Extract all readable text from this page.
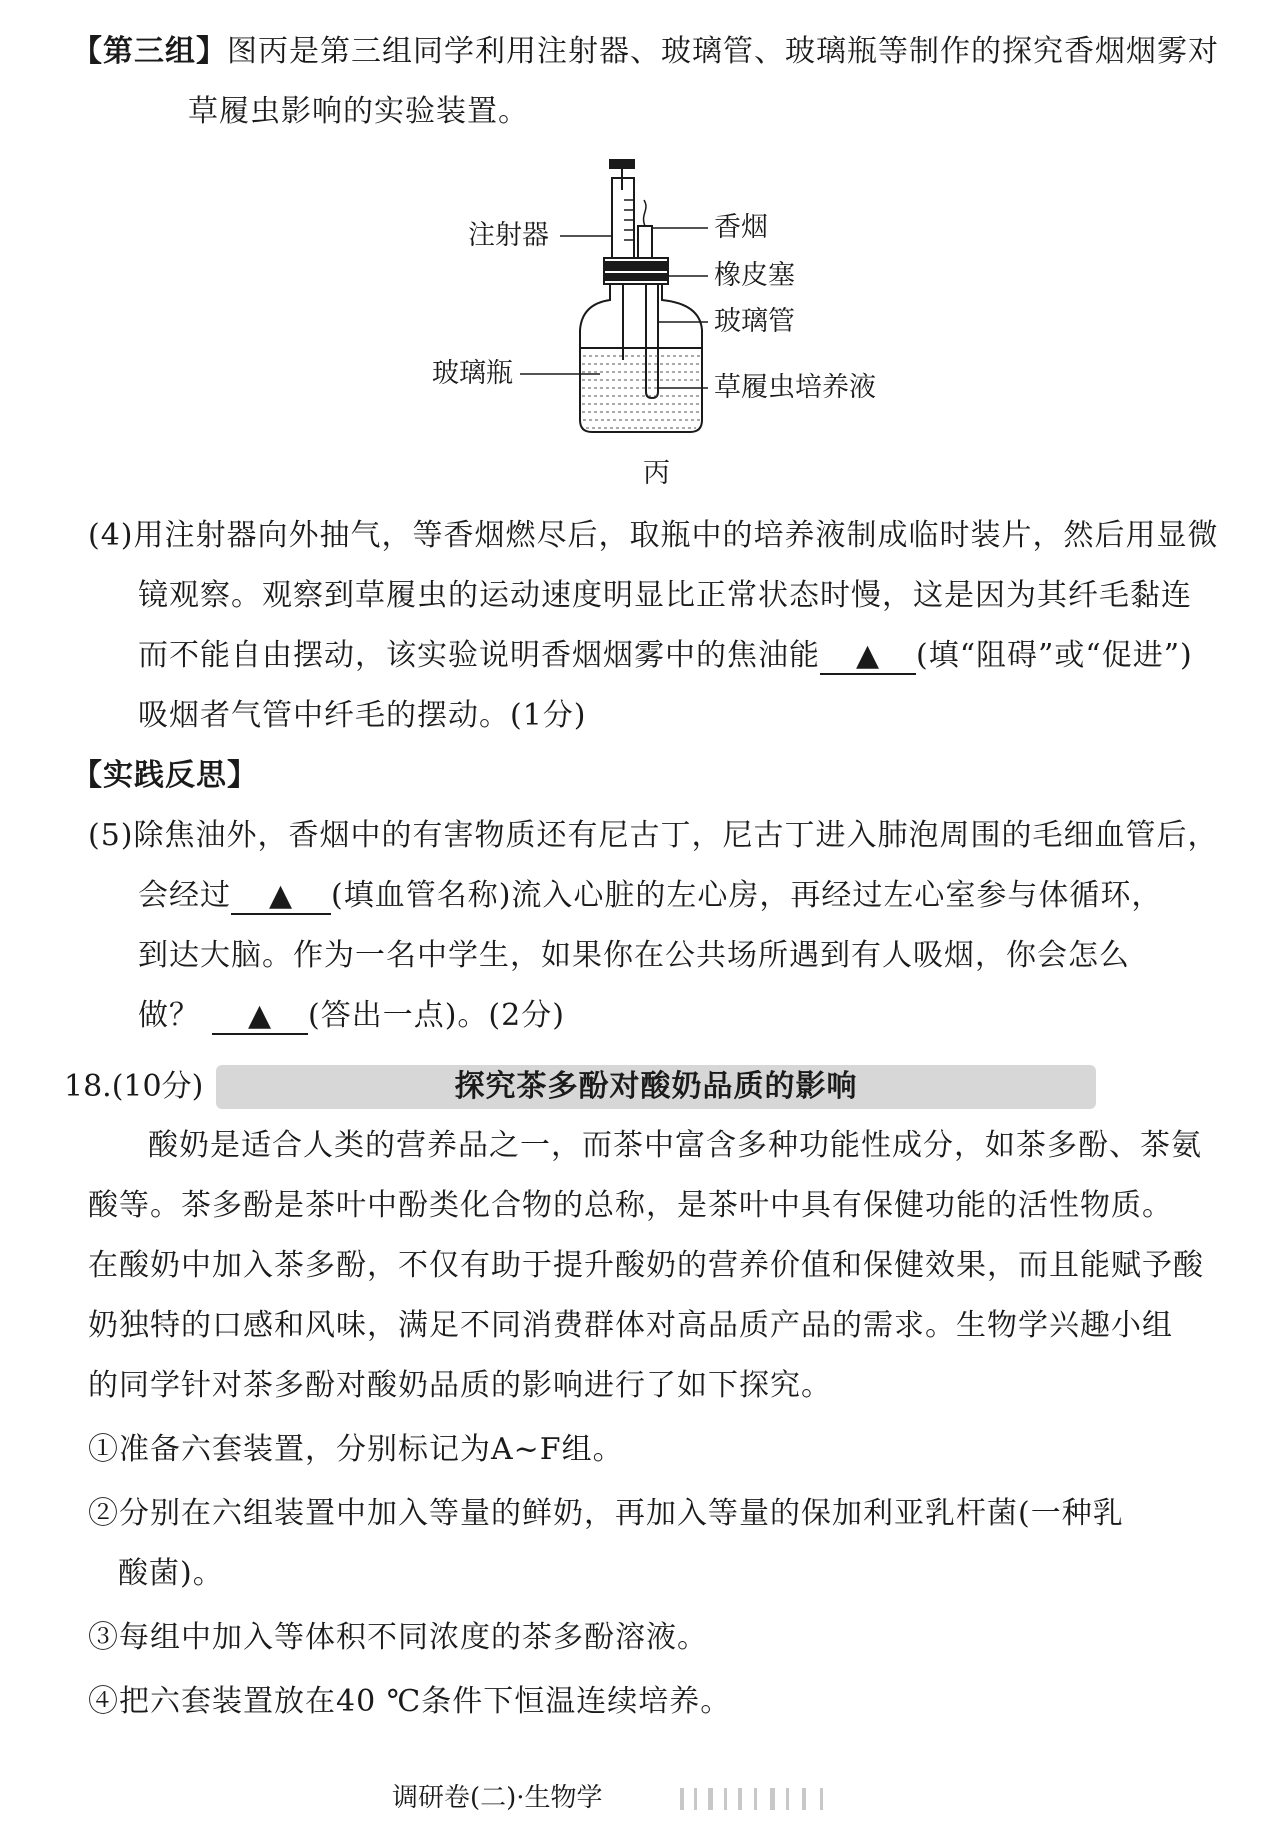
【第三组】图丙是第三组同学利用注射器、玻璃管、玻璃瓶等制作的探究香烟烟雾对
草履虫影响的实验装置。
注射器	香烟
橡皮塞
玻璃管
玻璃瓶	草履虫培养液
丙
(4)用注射器向外抽气，等香烟燃尽后，取瓶中的培养液制成临时装片，然后用显微
镜观察。观察到草履虫的运动速度明显比正常状态时慢，这是因为其纤毛黏连
而不能自由摆动，该实验说明香烟烟雾中的焦油能 ▲ (填“阻碍”或“促进”)
吸烟者气管中纤毛的摆动。(1分)
【实践反思】
(5)除焦油外，香烟中的有害物质还有尼古丁，尼古丁进入肺泡周围的毛细血管后，
会经过 ▲ (填血管名称)流入心脏的左心房，再经过左心室参与体循环，
到达大脑。作为一名中学生，如果你在公共场所遇到有人吸烟，你会怎么
做？ ▲ (答出一点)。(2分)
18.(10分)	探究茶多酚对酸奶品质的影响
酸奶是适合人类的营养品之一，而茶中富含多种功能性成分，如茶多酚、茶氨
酸等。茶多酚是茶叶中酚类化合物的总称，是茶叶中具有保健功能的活性物质。
在酸奶中加入茶多酚，不仅有助于提升酸奶的营养价值和保健效果，而且能赋予酸
奶独特的口感和风味，满足不同消费群体对高品质产品的需求。生物学兴趣小组
的同学针对茶多酚对酸奶品质的影响进行了如下探究。
①准备六套装置，分别标记为A~F组。
②分别在六组装置中加入等量的鲜奶，再加入等量的保加利亚乳杆菌(一种乳
酸菌)。
③每组中加入等体积不同浓度的茶多酚溶液。
④把六套装置放在40 ℃条件下恒温连续培养。
调研卷(二)·生物学
